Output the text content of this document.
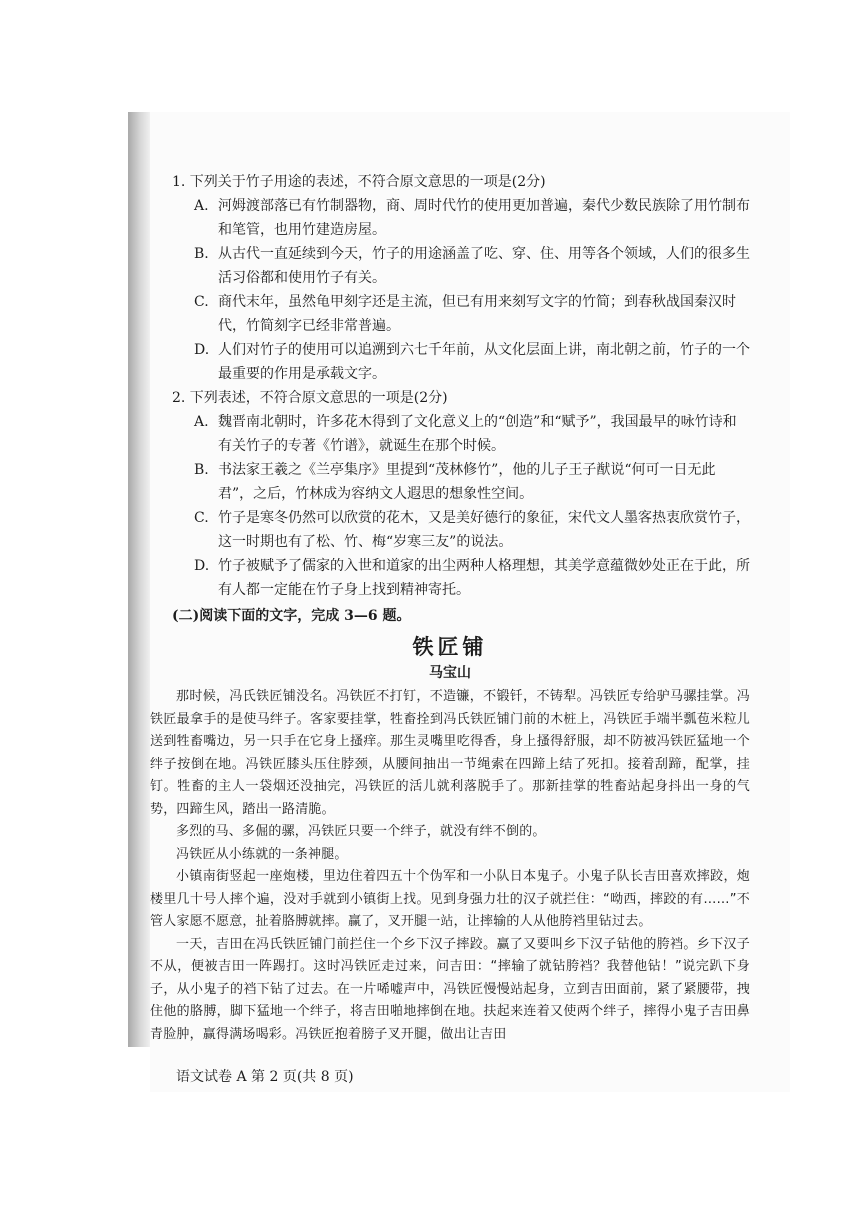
1. 下列关于竹子用途的表述，不符合原文意思的一项是(2分)

A. 河姆渡部落已有竹制器物，商、周时代竹的使用更加普遍，秦代少数民族除了用竹制布和笔管，也用竹建造房屋。

B. 从古代一直延续到今天，竹子的用途涵盖了吃、穿、住、用等各个领域，人们的很多生活习俗都和使用竹子有关。

C. 商代末年，虽然龟甲刻字还是主流，但已有用来刻写文字的竹简；到春秋战国秦汉时代，竹简刻字已经非常普遍。

D. 人们对竹子的使用可以追溯到六七千年前，从文化层面上讲，南北朝之前，竹子的一个最重要的作用是承载文字。

2. 下列表述，不符合原文意思的一项是(2分)

A. 魏晋南北朝时，许多花木得到了文化意义上的“创造”和“赋予”，我国最早的咏竹诗和有关竹子的专著《竹谱》，就诞生在那个时候。

B. 书法家王羲之《兰亭集序》里提到“茂林修竹”，他的儿子王子猷说“何可一日无此君”，之后，竹林成为容纳文人遐思的想象性空间。

C. 竹子是寒冬仍然可以欣赏的花木，又是美好德行的象征，宋代文人墨客热衷欣赏竹子，这一时期也有了松、竹、梅“岁寒三友”的说法。

D. 竹子被赋予了儒家的入世和道家的出尘两种人格理想，其美学意蕴微妙处正在于此，所有人都一定能在竹子身上找到精神寄托。

(二)阅读下面的文字，完成 3—6 题。
铁匠铺
马宝山

那时候，冯氏铁匠铺没名。冯铁匠不打钉，不造镰，不锻钎，不铸犁。冯铁匠专给驴马骡挂掌。冯铁匠最拿手的是使马绊子。客家要挂掌，牲畜拴到冯氏铁匠铺门前的木桩上，冯铁匠手端半瓢苞米粒儿送到牲畜嘴边，另一只手在它身上搔痒。那生灵嘴里吃得香，身上搔得舒服，却不防被冯铁匠猛地一个绊子按倒在地。冯铁匠膝头压住脖颈，从腰间抽出一节绳索在四蹄上结了死扣。接着刮蹄，配掌，挂钉。牲畜的主人一袋烟还没抽完，冯铁匠的活儿就利落脱手了。那新挂掌的牲畜站起身抖出一身的气势，四蹄生风，踏出一路清脆。

多烈的马、多倔的骡，冯铁匠只要一个绊子，就没有绊不倒的。

冯铁匠从小练就的一条神腿。

小镇南街竖起一座炮楼，里边住着四五十个伪军和一小队日本鬼子。小鬼子队长吉田喜欢摔跤，炮楼里几十号人摔个遍，没对手就到小镇街上找。见到身强力壮的汉子就拦住：“呦西，摔跤的有……”不管人家愿不愿意，扯着胳膊就摔。赢了，叉开腿一站，让摔输的人从他胯裆里钻过去。

一天，吉田在冯氏铁匠铺门前拦住一个乡下汉子摔跤。赢了又要叫乡下汉子钻他的胯裆。乡下汉子不从，便被吉田一阵踢打。这时冯铁匠走过来，问吉田：“摔输了就钻胯裆？我替他钻！”说完趴下身子，从小鬼子的裆下钻了过去。在一片唏嘘声中，冯铁匠慢慢站起身，立到吉田面前，紧了紧腰带，拽住他的胳膊，脚下猛地一个绊子，将吉田啪地摔倒在地。扶起来连着又使两个绊子，摔得小鬼子吉田鼻青脸肿，赢得满场喝彩。冯铁匠抱着膀子叉开腿，做出让吉田

语文试卷 A 第 2 页(共 8 页)
